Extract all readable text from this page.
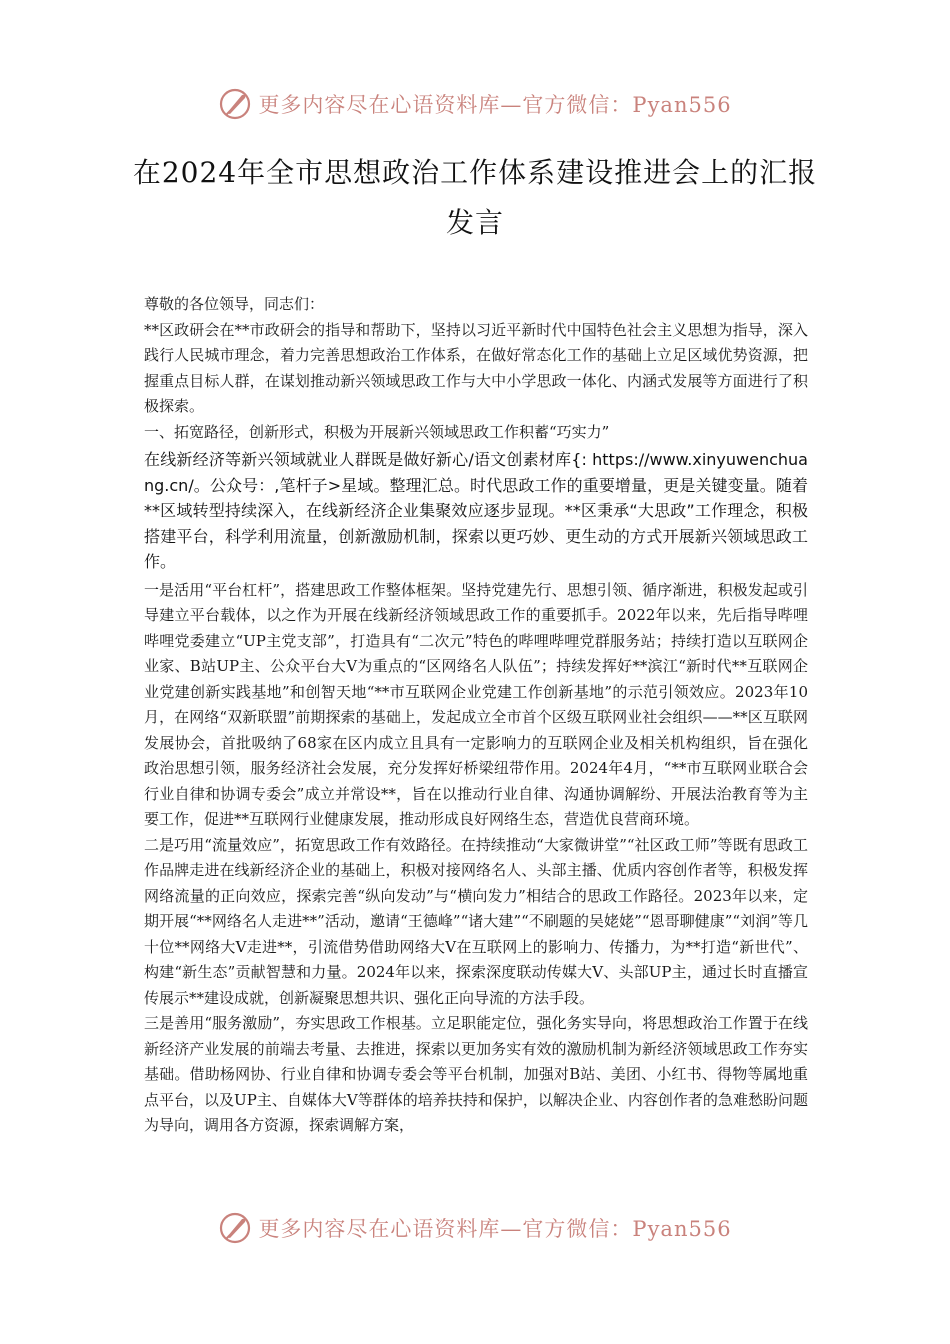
更多内容尽在心语资料库—官方微信：Pyan556
在2024年全市思想政治工作体系建设推进会上的汇报发言

尊敬的各位领导，同志们：

**区政研会在**市政研会的指导和帮助下，坚持以习近平新时代中国特色社会主义思想为指导，深入践行人民城市理念，着力完善思想政治工作体系，在做好常态化工作的基础上立足区域优势资源，把握重点目标人群，在谋划推动新兴领域思政工作与大中小学思政一体化、内涵式发展等方面进行了积极探索。

一、拓宽路径，创新形式，积极为开展新兴领域思政工作积蓄“巧实力”

在线新经济等新兴领域就业人群既是做好新心/语文创素材库{: https://www.xinyuwenchuang.cn/。公众号：,笔杆子>星域。整理汇总。时代思政工作的重要增量，更是关键变量。随着**区域转型持续深入，在线新经济企业集聚效应逐步显现。**区秉承“大思政”工作理念，积极搭建平台，科学利用流量，创新激励机制，探索以更巧妙、更生动的方式开展新兴领域思政工作。

一是活用“平台杠杆”，搭建思政工作整体框架。坚持党建先行、思想引领、循序渐进，积极发起或引导建立平台载体，以之作为开展在线新经济领域思政工作的重要抓手。2022年以来，先后指导哔哩哔哩党委建立“UP主党支部”，打造具有“二次元”特色的哔哩哔哩党群服务站；持续打造以互联网企业家、B站UP主、公众平台大V为重点的“区网络名人队伍”；持续发挥好**滨江“新时代**互联网企业党建创新实践基地”和创智天地“**市互联网企业党建工作创新基地”的示范引领效应。2023年10月，在网络“双新联盟”前期探索的基础上，发起成立全市首个区级互联网业社会组织——**区互联网发展协会，首批吸纳了68家在区内成立且具有一定影响力的互联网企业及相关机构组织，旨在强化政治思想引领，服务经济社会发展，充分发挥好桥梁纽带作用。2024年4月，“**市互联网业联合会行业自律和协调专委会”成立并常设**，旨在以推动行业自律、沟通协调解纷、开展法治教育等为主要工作，促进**互联网行业健康发展，推动形成良好网络生态，营造优良营商环境。

二是巧用“流量效应”，拓宽思政工作有效路径。在持续推动“大家微讲堂”“社区政工师”等既有思政工作品牌走进在线新经济企业的基础上，积极对接网络名人、头部主播、优质内容创作者等，积极发挥网络流量的正向效应，探索完善“纵向发动”与“横向发力”相结合的思政工作路径。2023年以来，定期开展“**网络名人走进**”活动，邀请“王德峰”“诸大建”“不刷题的吴姥姥”“恩哥聊健康”“刘润”等几十位**网络大V走进**，引流借势借助网络大V在互联网上的影响力、传播力，为**打造“新世代”、构建“新生态”贡献智慧和力量。2024年以来，探索深度联动传媒大V、头部UP主，通过长时直播宣传展示**建设成就，创新凝聚思想共识、强化正向导流的方法手段。

三是善用“服务激励”，夯实思政工作根基。立足职能定位，强化务实导向，将思想政治工作置于在线新经济产业发展的前端去考量、去推进，探索以更加务实有效的激励机制为新经济领域思政工作夯实基础。借助杨网协、行业自律和协调专委会等平台机制，加强对B站、美团、小红书、得物等属地重点平台，以及UP主、自媒体大V等群体的培养扶持和保护，以解决企业、内容创作者的急难愁盼问题为导向，调用各方资源，探索调解方案，

更多内容尽在心语资料库—官方微信：Pyan556
